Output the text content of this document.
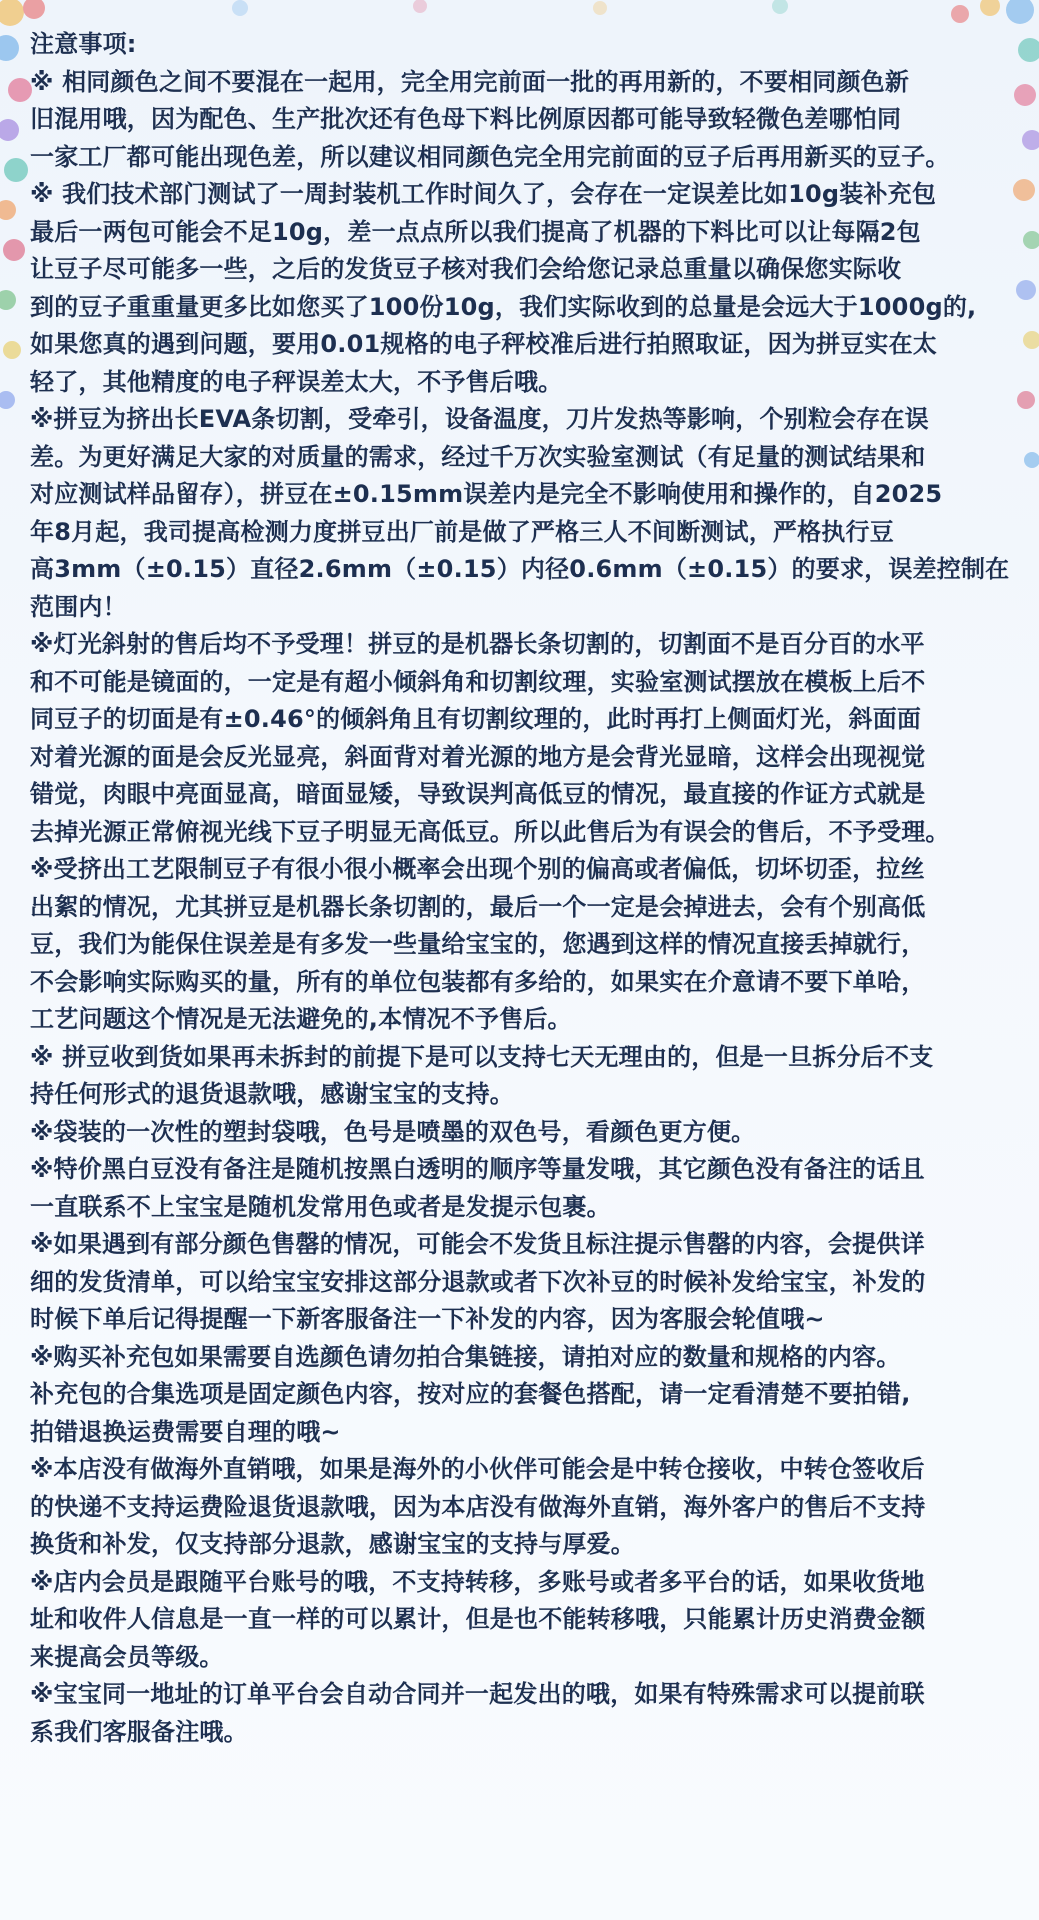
注意事项:
※ 相同颜色之间不要混在一起用，完全用完前面一批的再用新的，不要相同颜色新
旧混用哦，因为配色、生产批次还有色母下料比例原因都可能导致轻微色差哪怕同
一家工厂都可能出现色差，所以建议相同颜色完全用完前面的豆子后再用新买的豆子。
※ 我们技术部门测试了一周封装机工作时间久了，会存在一定误差比如10g装补充包
最后一两包可能会不足10g，差一点点所以我们提高了机器的下料比可以让每隔2包
让豆子尽可能多一些，之后的发货豆子核对我们会给您记录总重量以确保您实际收
到的豆子重重量更多比如您买了100份10g，我们实际收到的总量是会远大于1000g的,
如果您真的遇到问题，要用0.01规格的电子秤校准后进行拍照取证，因为拼豆实在太
轻了，其他精度的电子秤误差太大，不予售后哦。
※拼豆为挤出长EVA条切割，受牵引，设备温度，刀片发热等影响，个别粒会存在误
差。为更好满足大家的对质量的需求，经过千万次实验室测试（有足量的测试结果和
对应测试样品留存），拼豆在±0.15mm误差内是完全不影响使用和操作的，自2025
年8月起，我司提高检测力度拼豆出厂前是做了严格三人不间断测试，严格执行豆
高3mm（±0.15）直径2.6mm（±0.15）内径0.6mm（±0.15）的要求，误差控制在
范围内！
※灯光斜射的售后均不予受理！拼豆的是机器长条切割的，切割面不是百分百的水平
和不可能是镜面的，一定是有超小倾斜角和切割纹理，实验室测试摆放在模板上后不
同豆子的切面是有±0.46°的倾斜角且有切割纹理的，此时再打上侧面灯光，斜面面
对着光源的面是会反光显亮，斜面背对着光源的地方是会背光显暗，这样会出现视觉
错觉，肉眼中亮面显高，暗面显矮，导致误判高低豆的情况，最直接的作证方式就是
去掉光源正常俯视光线下豆子明显无高低豆。所以此售后为有误会的售后，不予受理。
※受挤出工艺限制豆子有很小很小概率会出现个别的偏高或者偏低，切坏切歪，拉丝
出絮的情况，尤其拼豆是机器长条切割的，最后一个一定是会掉进去，会有个别高低
豆，我们为能保住误差是有多发一些量给宝宝的，您遇到这样的情况直接丢掉就行，
不会影响实际购买的量，所有的单位包装都有多给的，如果实在介意请不要下单哈，
工艺问题这个情况是无法避免的,本情况不予售后。
※ 拼豆收到货如果再未拆封的前提下是可以支持七天无理由的，但是一旦拆分后不支
持任何形式的退货退款哦，感谢宝宝的支持。
※袋装的一次性的塑封袋哦，色号是喷墨的双色号，看颜色更方便。
※特价黑白豆没有备注是随机按黑白透明的顺序等量发哦，其它颜色没有备注的话且
一直联系不上宝宝是随机发常用色或者是发提示包裹。
※如果遇到有部分颜色售罄的情况，可能会不发货且标注提示售罄的内容，会提供详
细的发货清单，可以给宝宝安排这部分退款或者下次补豆的时候补发给宝宝，补发的
时候下单后记得提醒一下新客服备注一下补发的内容，因为客服会轮值哦~
※购买补充包如果需要自选颜色请勿拍合集链接，请拍对应的数量和规格的内容。
补充包的合集选项是固定颜色内容，按对应的套餐色搭配，请一定看清楚不要拍错,
拍错退换运费需要自理的哦~
※本店没有做海外直销哦，如果是海外的小伙伴可能会是中转仓接收，中转仓签收后
的快递不支持运费险退货退款哦，因为本店没有做海外直销，海外客户的售后不支持
换货和补发，仅支持部分退款，感谢宝宝的支持与厚爱。
※店内会员是跟随平台账号的哦，不支持转移，多账号或者多平台的话，如果收货地
址和收件人信息是一直一样的可以累计，但是也不能转移哦，只能累计历史消费金额
来提高会员等级。
※宝宝同一地址的订单平台会自动合同并一起发出的哦，如果有特殊需求可以提前联
系我们客服备注哦。
